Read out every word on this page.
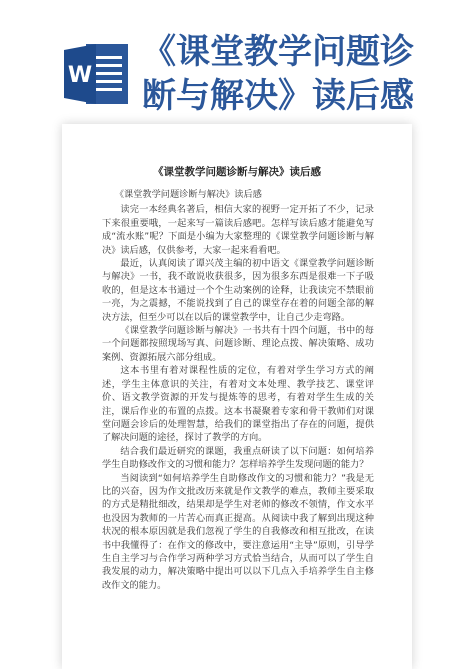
W
《课堂教学问题诊
断与解决》读后感
《课堂教学问题诊断与解决》读后感

《课堂教学问题诊断与解决》读后感

读完一本经典名著后，相信大家的视野一定开拓了不少，记录下来很重要哦，一起来写一篇读后感吧。怎样写读后感才能避免写成“流水账”呢？下面是小编为大家整理的《课堂教学问题诊断与解决》读后感，仅供参考，大家一起来看看吧。

最近，认真阅读了谭兴茂主编的初中语文《课堂教学问题诊断与解决》一书，我不敢说收获很多，因为很多东西是很难一下子吸收的，但是这本书通过一个个生动案例的诠释，让我读完不禁眼前一亮，为之震撼，不能说找到了自己的课堂存在着的问题全部的解决方法，但至少可以在以后的课堂教学中，让自己少走弯路。

《课堂教学问题诊断与解决》一书共有十四个问题，书中的每一个问题都按照现场写真、问题诊断、理论点拨、解决策略、成功案例、资源拓展六部分组成。

这本书里有着对课程性质的定位，有着对学生学习方式的阐述，学生主体意识的关注，有着对文本处理、教学技艺、课堂评价、语文教学资源的开发与提炼等的思考，有着对学生生成的关注，课后作业的布置的点拨。这本书凝聚着专家和骨干教师们对课堂问题会诊后的处理智慧，给我们的课堂指出了存在的问题，提供了解决问题的途径，探讨了教学的方向。

结合我们最近研究的课题，我重点研读了以下问题：如何培养学生自助修改作文的习惯和能力？怎样培养学生发现问题的能力？

当阅读到“如何培养学生自助修改作文的习惯和能力？”我是无比的兴奋，因为作文批改历来就是作文教学的难点，教师主要采取的方式是精批细改，结果却是学生对老师的修改不领情，作文水平也没因为教师的一片苦心而真正提高。从阅读中我了解到出现这种状况的根本原因就是我们忽视了学生的自我修改和相互批改，在读书中我懂得了：在作文的修改中，要注意运用“主导”原则，引导学生自主学习与合作学习两种学习方式恰当结合，从而可以了学生自我发展的动力，解决策略中提出可以以下几点入手培养学生自主修改作文的能力。
